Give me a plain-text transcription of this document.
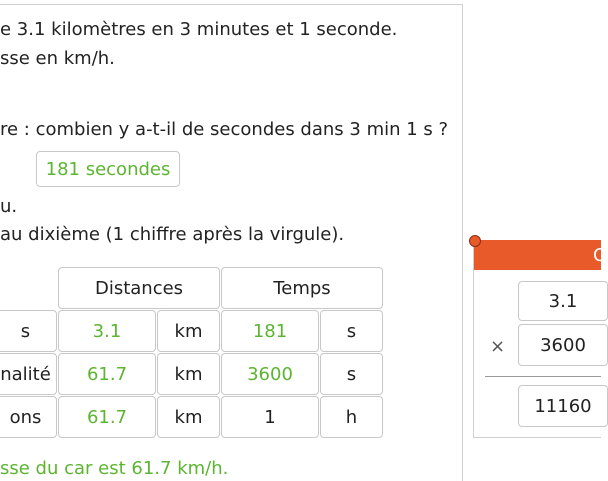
e 3.1 kilomètres en 3 minutes et 1 seconde.
sse en km/h.
re : combien y a-t-il de secondes dans 3 min 1 s ?
181 secondes
u.
au dixième (1 chiffre après la virgule).
Distances	Temps
s	3.1	km	181	s
nalité	61.7	km	3600	s
ons	61.7	km	1	h
sse du car est 61.7 km/h.
C
3.1
×	3600
11160
